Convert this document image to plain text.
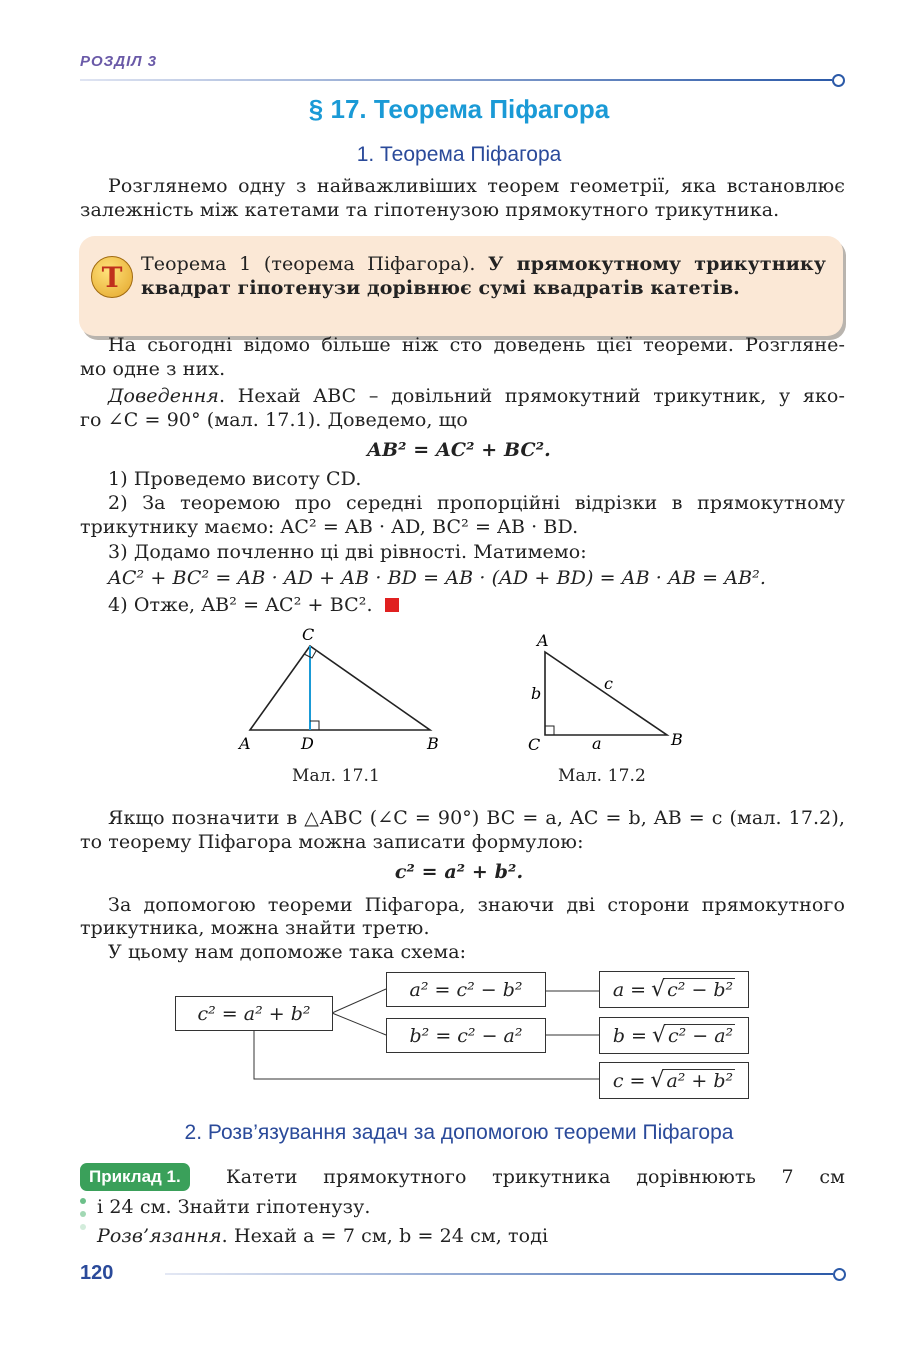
РОЗДІЛ 3
§ 17. Теорема Піфагора
1. Теорема Піфагора
Розглянемо одну з найважливіших теорем геометрії, яка встановлює
залежність між катетами та гіпотенузою прямокутного трикутника.
Т Теорема 1 (теорема Піфагора). У прямокутному трикутнику
квадрат гіпотенузи дорівнює сумі квадратів катетів.
На сьогодні відомо більше ніж сто доведень цієї теореми. Розгляне-
мо одне з них.
Доведення. Нехай ABC – довільний прямокутний трикутник, у яко-
го ∠C = 90° (мал. 17.1). Доведемо, що
AB² = AC² + BC².
1) Проведемо висоту CD.
2) За теоремою про середні пропорційні відрізки в прямокутному
трикутнику маємо: AC² = AB · AD, BC² = AB · BD.
3) Додамо почленно ці дві рівності. Матимемо:
AC² + BC² = AB · AD + AB · BD = AB · (AD + BD) = AB · AB = AB².
4) Отже, AB² = AC² + BC².
C
A	D	B
Мал. 17.1
A
C	B
b
c
a
Мал. 17.2
Якщо позначити в △ABC (∠C = 90°) BC = a, AC = b, AB = c (мал. 17.2),
то теорему Піфагора можна записати формулою:
c² = a² + b².
За допомогою теореми Піфагора, знаючи дві сторони прямокутного
трикутника, можна знайти третю.
У цьому нам допоможе така схема:
c² = a² + b²
a² = c² − b²
b² = c² − a²
a = √ c² − b²
b = √ c² − a²
c = √ a² + b²
2. Розв’язування задач за допомогою теореми Піфагора
Приклад 1.	Катети прямокутного трикутника дорівнюють 7 см
і 24 см. Знайти гіпотенузу.
Розв’язання. Нехай a = 7 см, b = 24 см, тоді
120
